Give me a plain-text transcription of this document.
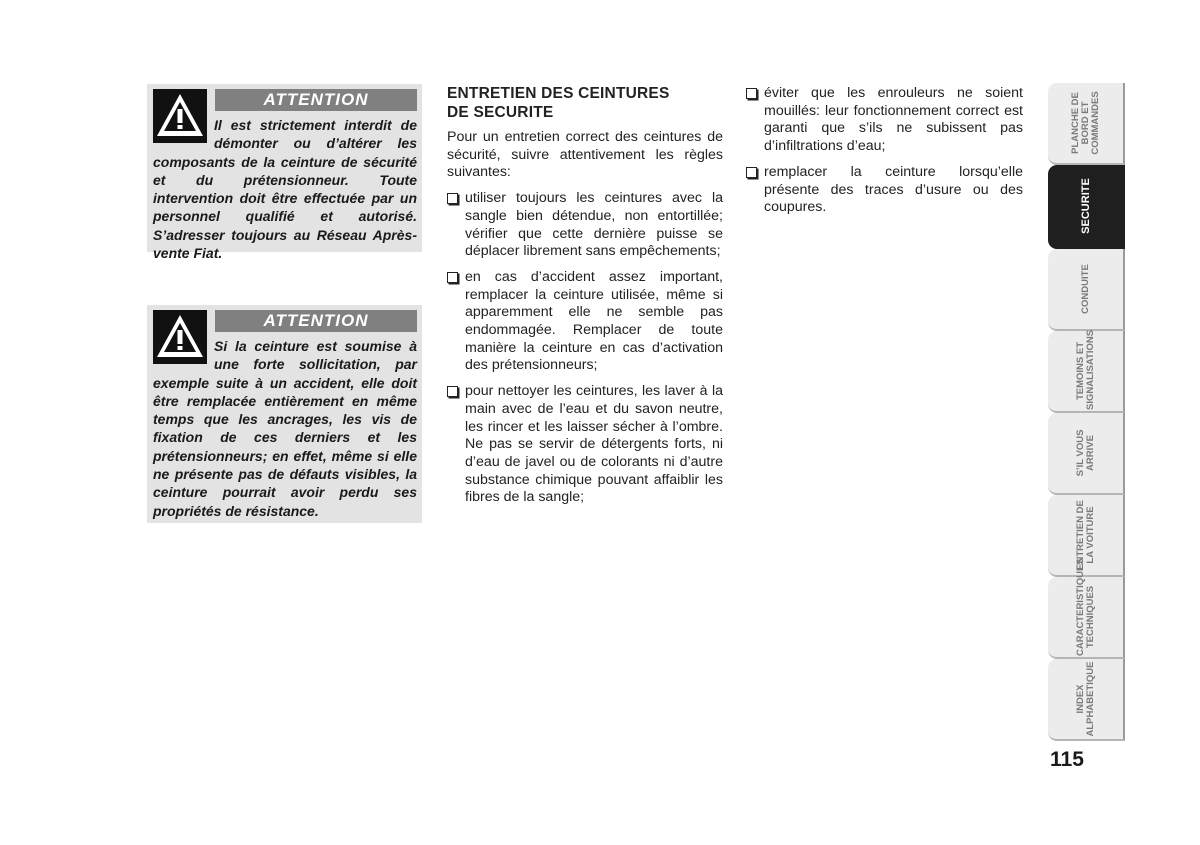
ATTENTION

Il est strictement interdit de démonter ou d’altérer les composants de la ceinture de sécurité et du prétensionneur. Toute intervention doit être effectuée par un personnel qualifié et autorisé. S’adresser toujours au Réseau Après-vente Fiat.

ATTENTION

Si la ceinture est soumise à une forte sollicitation, par exemple suite à un accident, elle doit être remplacée entièrement en même temps que les ancrages, les vis de fixation de ces derniers et les prétensionneurs; en effet, même si elle ne présente pas de défauts visibles, la ceinture pourrait avoir perdu ses propriétés de résistance.

ENTRETIEN DES CEINTURES
DE SECURITE

Pour un entretien correct des ceintures de sécurité, suivre attentivement les règles suivantes:

utiliser toujours les ceintures avec la sangle bien détendue, non entortillée; vérifier que cette dernière puisse se déplacer librement sans empêchements;
en cas d’accident assez important, remplacer la ceinture utilisée, même si apparemment elle ne semble pas endommagée. Remplacer de toute manière la ceinture en cas d’activation des prétensionneurs;
pour nettoyer les ceintures, les laver à la main avec de l’eau et du savon neutre, les rincer et les laisser sécher à l’ombre. Ne pas se servir de détergents forts, ni d’eau de javel ou de colorants ni d’autre substance chimique pouvant affaiblir les fibres de la sangle;
éviter que les enrouleurs ne soient mouillés: leur fonctionnement correct est garanti que s’ils ne subissent pas d’infiltrations d’eau;
remplacer la ceinture lorsqu’elle présente des traces d’usure ou des coupures.
PLANCHE DE
BORD ET
COMMANDES
SECURITE
CONDUITE
TEMOINS ET
SIGNALISATIONS
S’IL VOUS
ARRIVE
ENTRETIEN DE
LA VOITURE
CARACTERISTIQUES
TECHNIQUES
INDEX
ALPHABETIQUE
115
